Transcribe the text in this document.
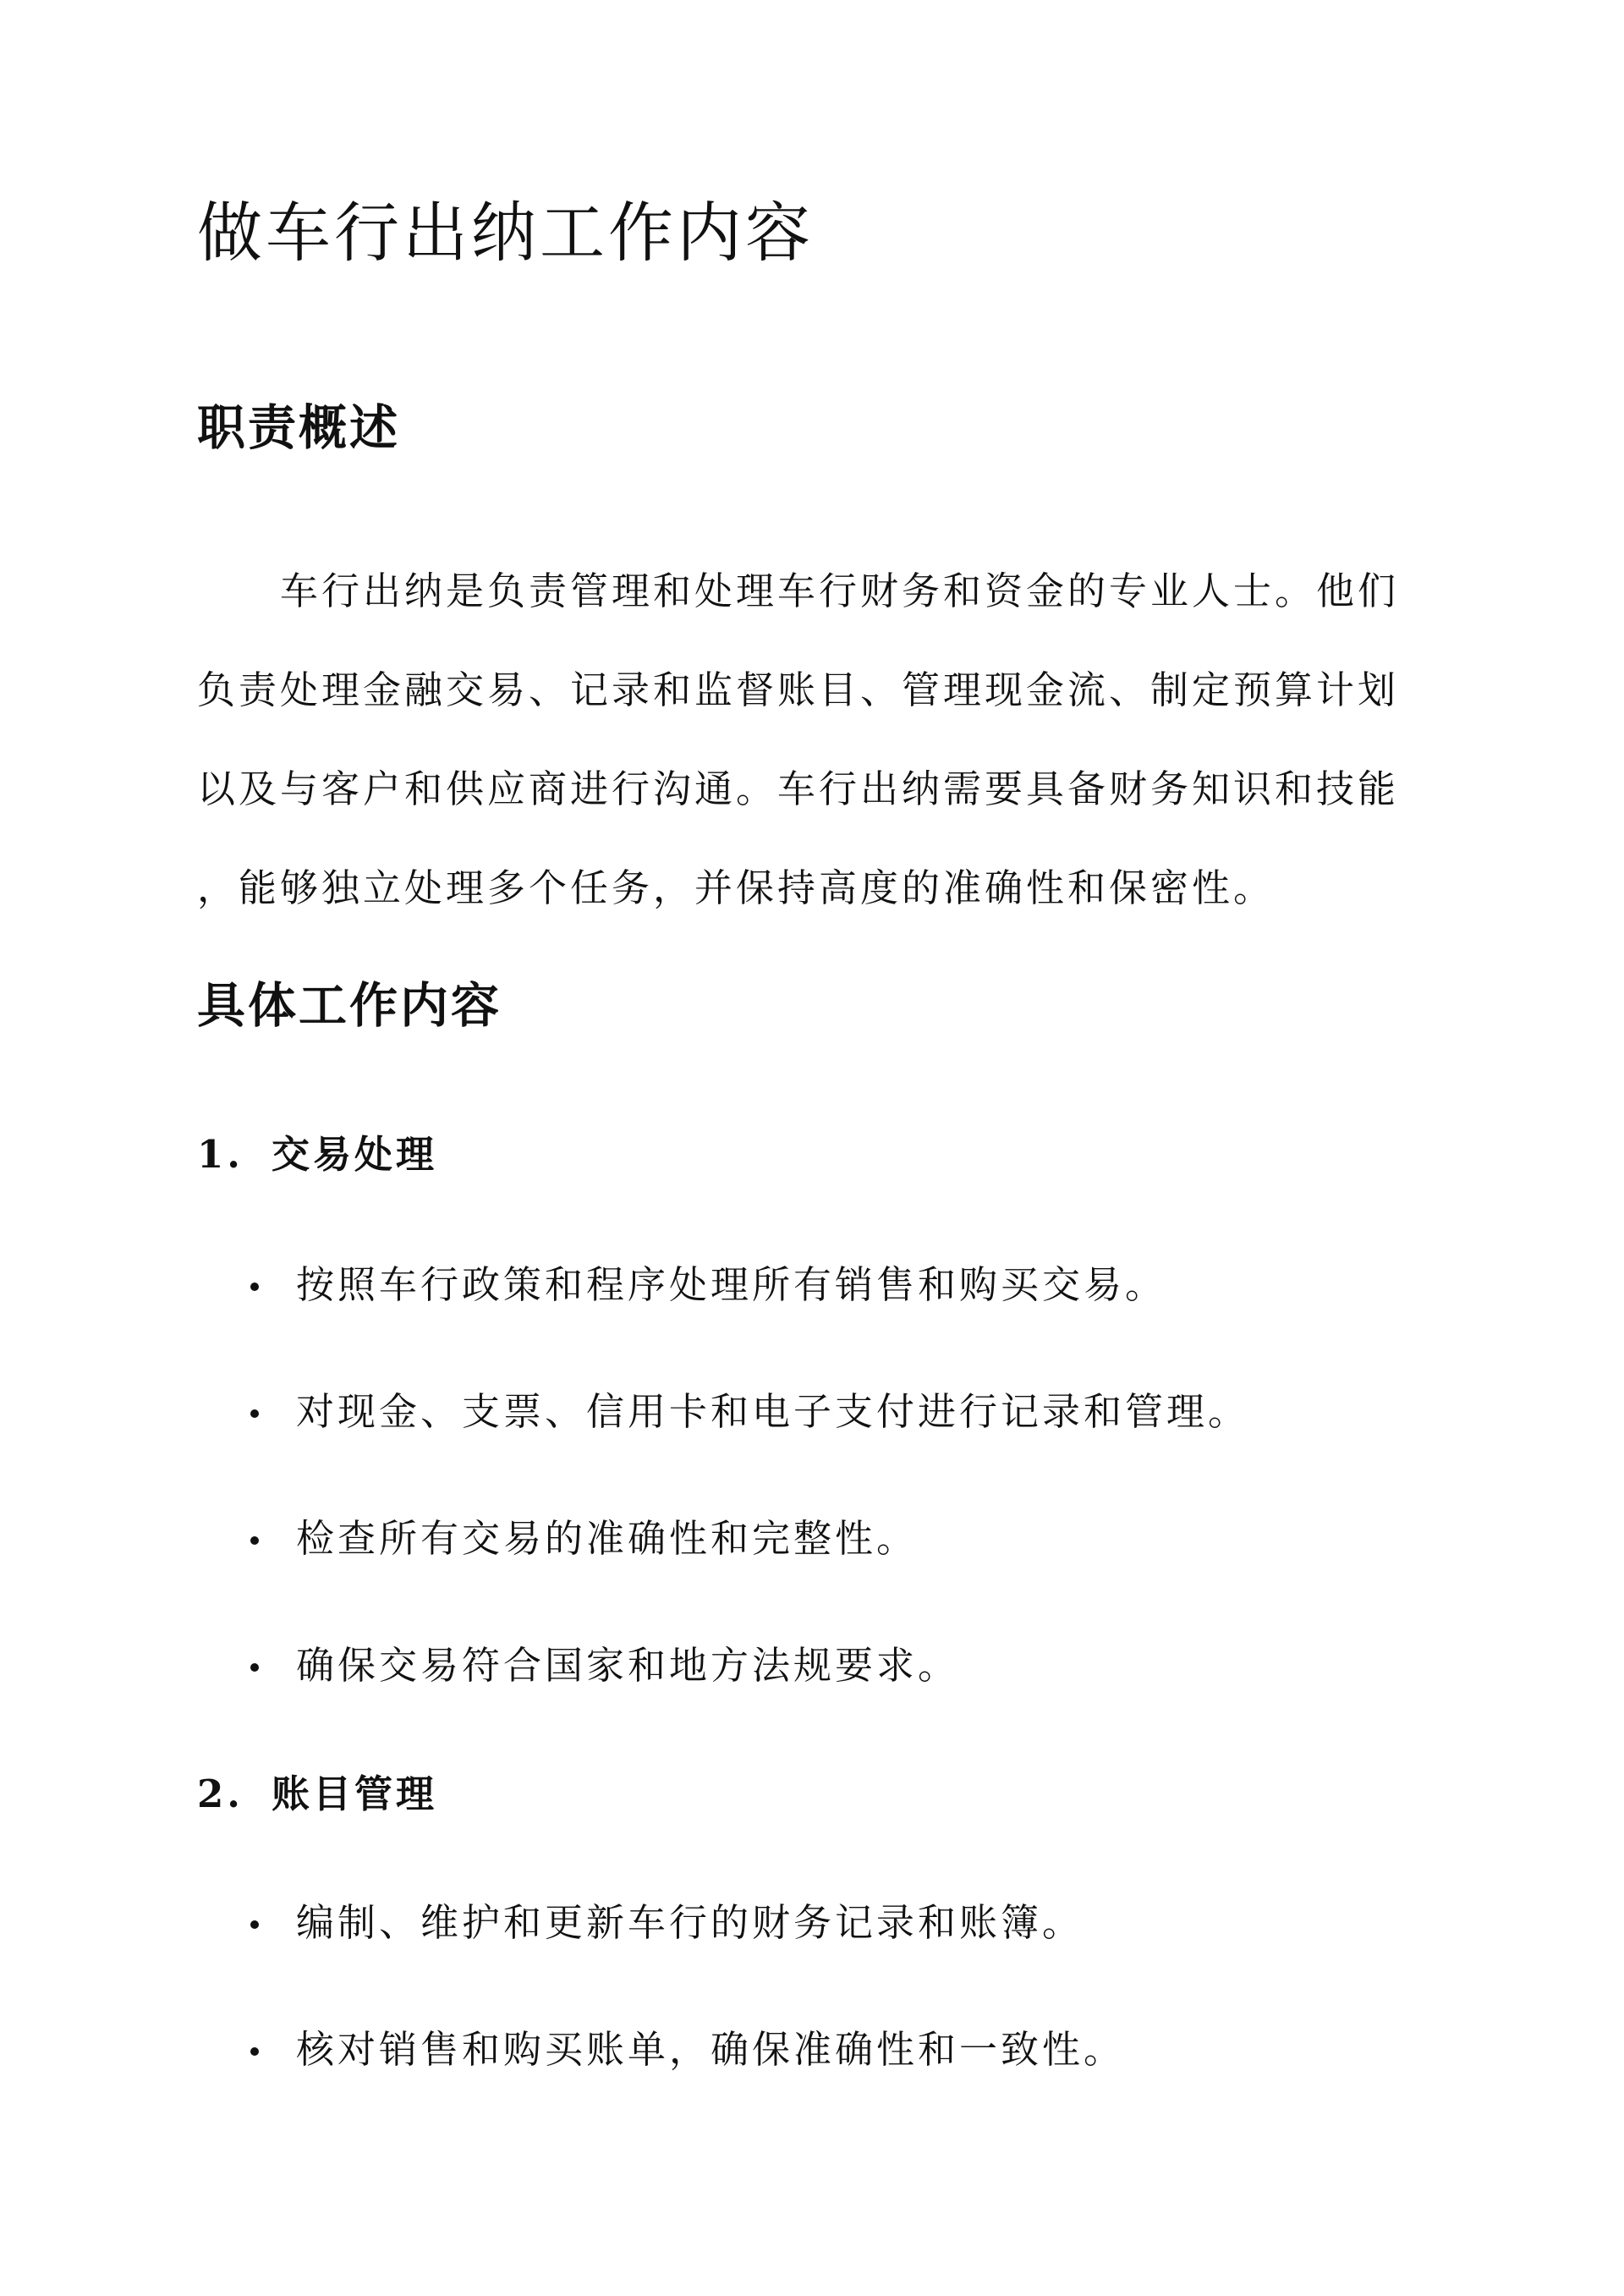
做车行出纳工作内容
职责概述
车行出纳是负责管理和处理车行财务和资金的专业人士。他们
负责处理金融交易、记录和监督账目、管理现金流、制定预算计划
以及与客户和供应商进行沟通。车行出纳需要具备财务知识和技能
，能够独立处理多个任务，并保持高度的准确性和保密性。
具体工作内容
1. 交易处理
按照车行政策和程序处理所有销售和购买交易。
对现金、支票、信用卡和电子支付进行记录和管理。
检查所有交易的准确性和完整性。
确保交易符合国家和地方法规要求。
2. 账目管理
编制、维护和更新车行的财务记录和账簿。
核对销售和购买账单，确保准确性和一致性。
